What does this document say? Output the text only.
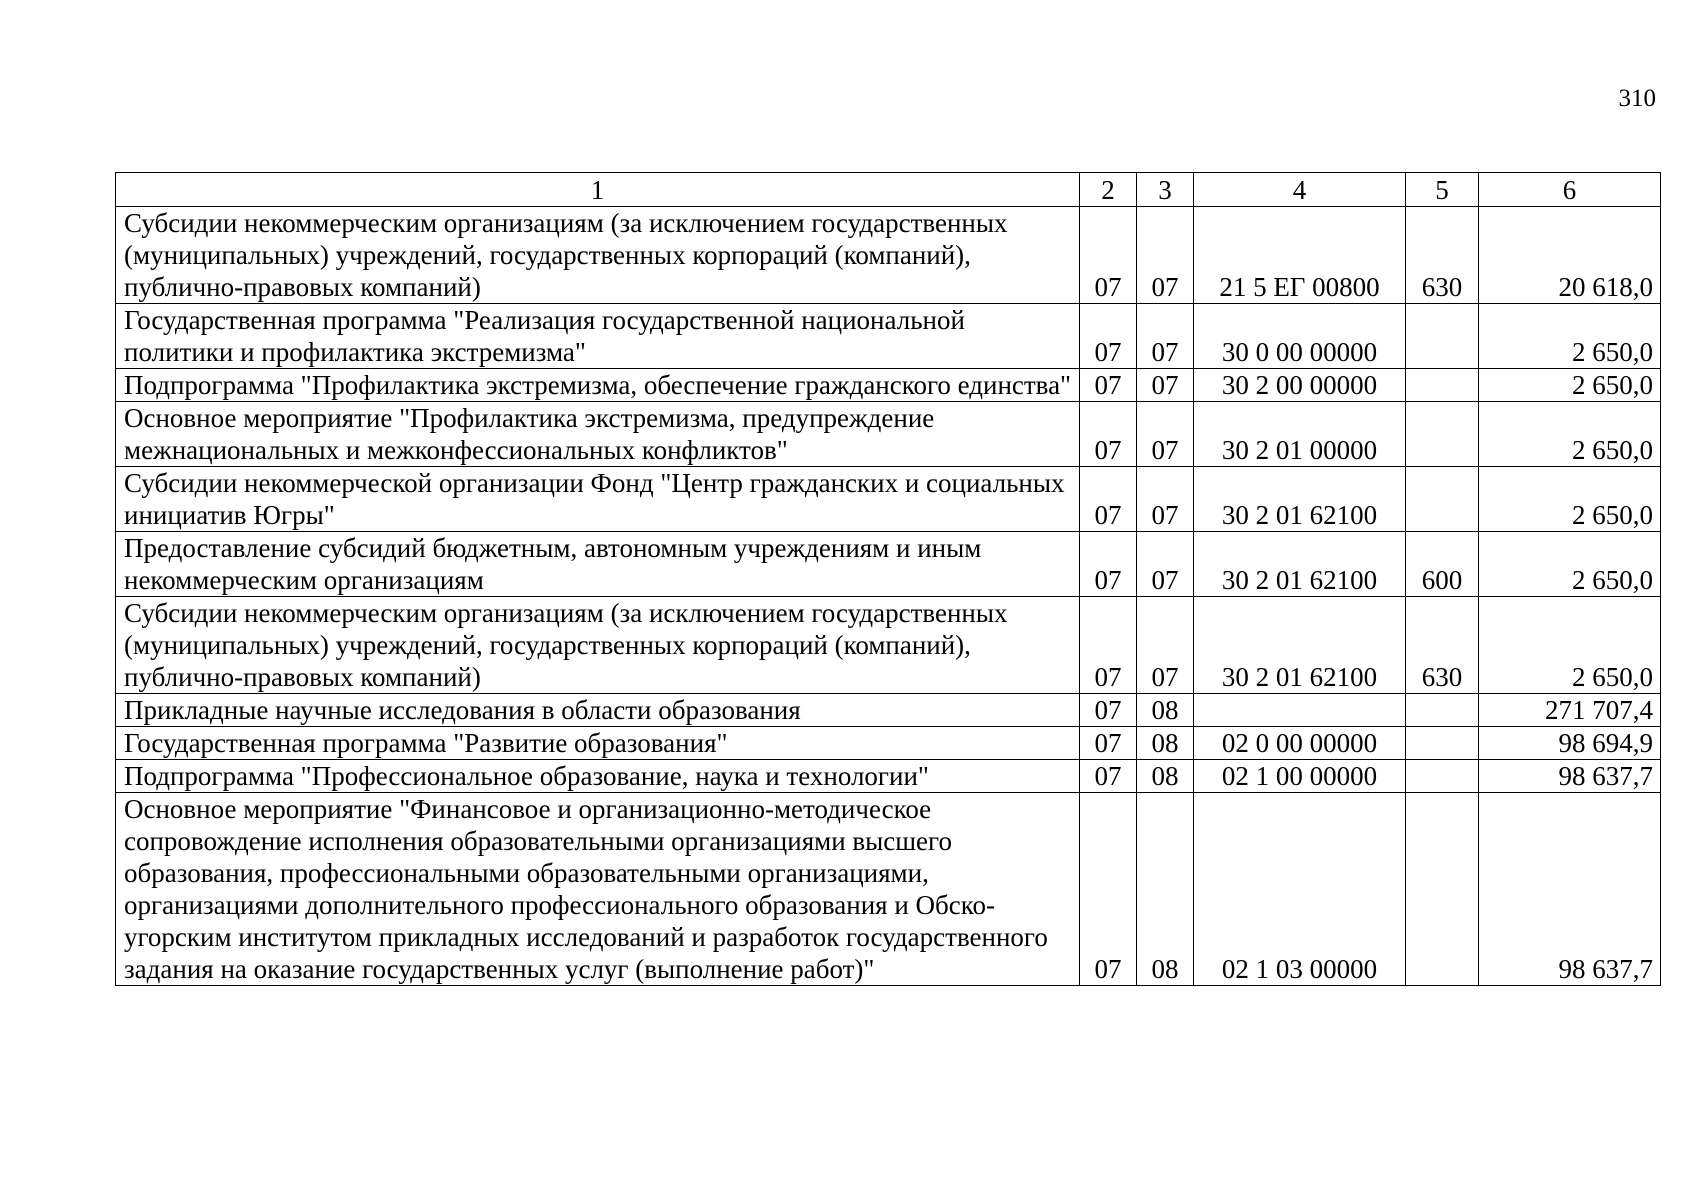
310
1	2	3	4	5	6
Субсидии некоммерческим организациям (за исключением государственных (муниципальных) учреждений, государственных корпораций (компаний), публично-правовых компаний)	07	07	21 5 ЕГ 00800	630	20 618,0
Государственная программа "Реализация государственной национальной политики и профилактика экстремизма"	07	07	30 0 00 00000		2 650,0
Подпрограмма "Профилактика экстремизма, обеспечение гражданского единства"	07	07	30 2 00 00000		2 650,0
Основное мероприятие "Профилактика экстремизма, предупреждение межнациональных и межконфессиональных конфликтов"	07	07	30 2 01 00000		2 650,0
Субсидии некоммерческой организации Фонд "Центр гражданских и социальных инициатив Югры"	07	07	30 2 01 62100		2 650,0
Предоставление субсидий бюджетным, автономным учреждениям и иным некоммерческим организациям	07	07	30 2 01 62100	600	2 650,0
Субсидии некоммерческим организациям (за исключением государственных (муниципальных) учреждений, государственных корпораций (компаний), публично-правовых компаний)	07	07	30 2 01 62100	630	2 650,0
Прикладные научные исследования в области образования	07	08			271 707,4
Государственная программа "Развитие образования"	07	08	02 0 00 00000		98 694,9
Подпрограмма "Профессиональное образование, наука и технологии"	07	08	02 1 00 00000		98 637,7
Основное мероприятие "Финансовое и организационно-методическое сопровождение исполнения образовательными организациями высшего образования, профессиональными образовательными организациями, организациями дополнительного профессионального образования и Обско-угорским институтом прикладных исследований и разработок государственного задания на оказание государственных услуг (выполнение работ)"	07	08	02 1 03 00000		98 637,7
